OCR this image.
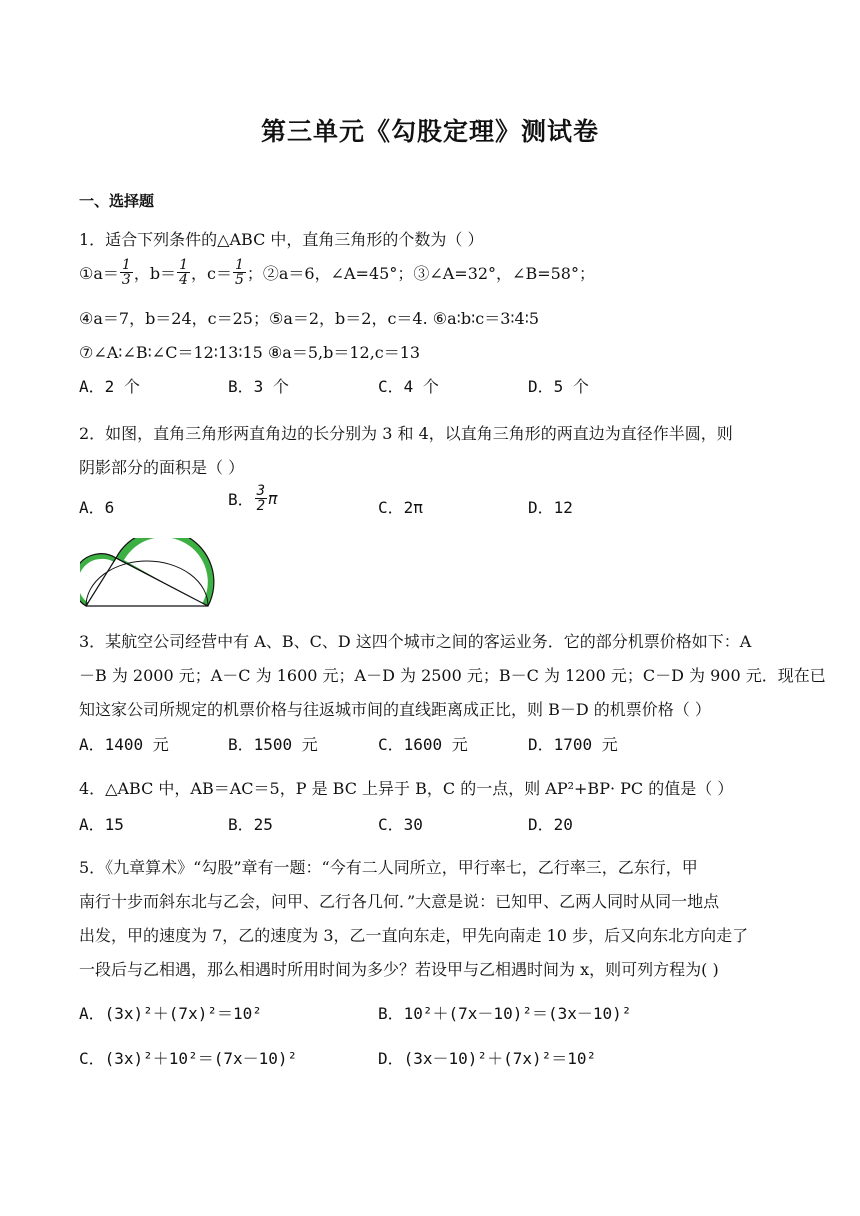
第三单元《勾股定理》测试卷
一、选择题
1．适合下列条件的△ABC 中，直角三角形的个数为（ ）
①a＝ $\frac{1}{3}$ ，$b= \frac{1}{4}$ ，$c= \frac{1}{5}$ ；②a＝6，∠A=45°；③∠A=32°，∠B=58°；
④a＝7，b＝24，c＝25；⑤a＝2，b＝2，c＝4. ⑥a∶b∶c＝3∶4∶5
⑦∠A∶∠B∶∠C＝12∶13∶15 ⑧a＝5,b＝12,c＝13
A．2 个	B．3 个	C．4 个	D．5 个
2．如图，直角三角形两直角边的长分别为 3 和 4，以直角三角形的两直边为直径作半圆，则
阴影部分的面积是（ ）
A．6	B． $\frac{3}{2}$ π	C．2π	D．12
3．某航空公司经营中有 A、B、C、D 这四个城市之间的客运业务．它的部分机票价格如下：A
－B 为 2000 元；A－C 为 1600 元；A－D 为 2500 元；B－C 为 1200 元；C－D 为 900 元．现在已
知这家公司所规定的机票价格与往返城市间的直线距离成正比，则 B－D 的机票价格（ ）
A．1400 元	B．1500 元	C．1600 元	D．1700 元
4．△ABC 中，AB＝AC＝5，P 是 BC 上异于 B，C 的一点，则 AP²+BP· PC 的值是（ ）
A．15	B．25	C．30	D．20
5．《九章算术》“勾股”章有一题：“今有二人同所立，甲行率七，乙行率三，乙东行，甲
南行十步而斜东北与乙会，问甲、乙行各几何．”大意是说：已知甲、乙两人同时从同一地点
出发，甲的速度为 7，乙的速度为 3，乙一直向东走，甲先向南走 10 步，后又向东北方向走了
一段后与乙相遇，那么相遇时所用时间为多少？若设甲与乙相遇时间为 x，则可列方程为( )
A．(3x)²＋(7x)²＝10²	B．10²＋(7x－10)²＝(3x－10)²
C．(3x)²＋10²＝(7x－10)²	D．(3x－10)²＋(7x)²＝10²
